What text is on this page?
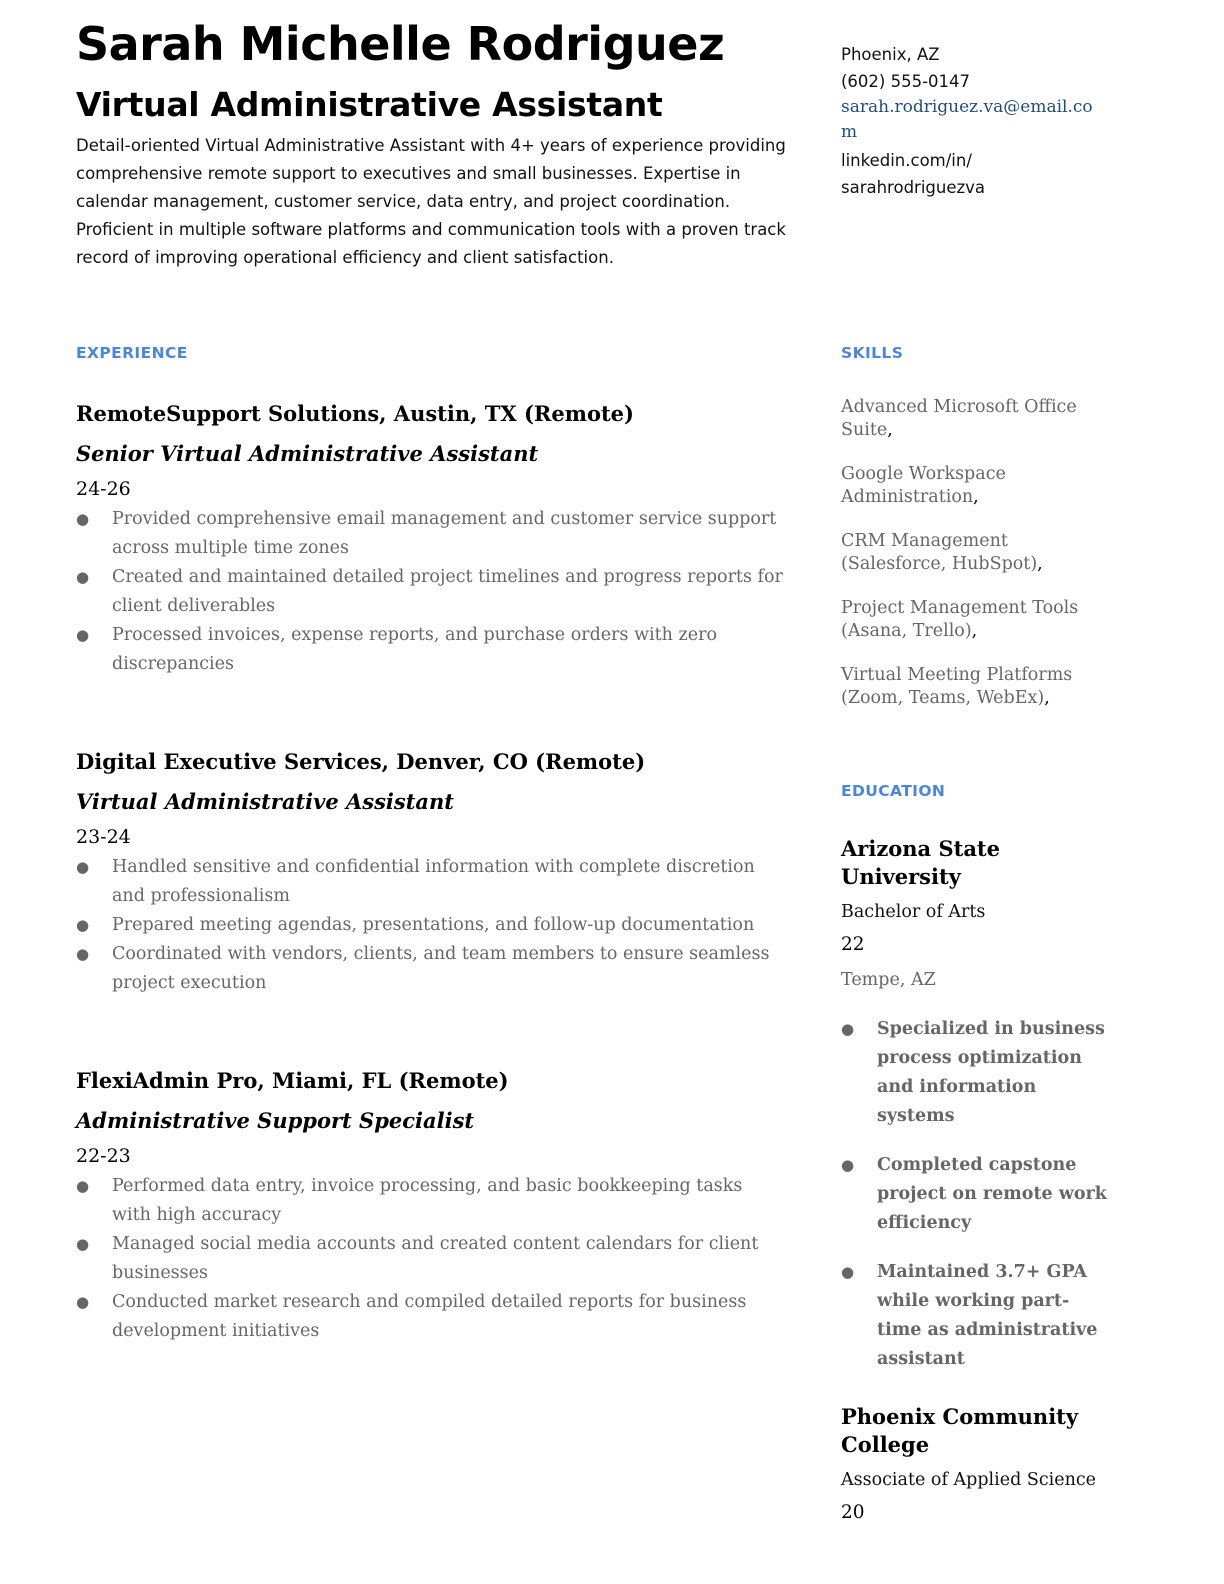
Sarah Michelle Rodriguez
Virtual Administrative Assistant

Detail-oriented Virtual Administrative Assistant with 4+ years of experience providing comprehensive remote support to executives and small businesses. Expertise in calendar management, customer service, data entry, and project coordination. Proficient in multiple software platforms and communication tools with a proven track record of improving operational efficiency and client satisfaction.

Phoenix, AZ
(602) 555-0147
sarah.rodriguez.va@email.com
linkedin.com/in/ sarahrodriguezva
EXPERIENCE	SKILLS
EDUCATION

RemoteSupport Solutions, Austin, TX (Remote)

Senior Virtual Administrative Assistant

24-26

● Provided comprehensive email management and customer service support across multiple time zones
● Created and maintained detailed project timelines and progress reports for client deliverables
● Processed invoices, expense reports, and purchase orders with zero discrepancies

Digital Executive Services, Denver, CO (Remote)

Virtual Administrative Assistant

23-24

● Handled sensitive and confidential information with complete discretion and professionalism
● Prepared meeting agendas, presentations, and follow-up documentation
● Coordinated with vendors, clients, and team members to ensure seamless project execution

FlexiAdmin Pro, Miami, FL (Remote)

Administrative Support Specialist

22-23

● Performed data entry, invoice processing, and basic bookkeeping tasks with high accuracy
● Managed social media accounts and created content calendars for client businesses
● Conducted market research and compiled detailed reports for business development initiatives
Advanced Microsoft Office Suite,
Google Workspace Administration,
CRM Management (Salesforce, HubSpot),
Project Management Tools (Asana, Trello),
Virtual Meeting Platforms (Zoom, Teams, WebEx),

Arizona State University

Bachelor of Arts

22

Tempe, AZ

● Specialized in business process optimization and information systems
● Completed capstone project on remote work efficiency
● Maintained 3.7+ GPA while working part-time as administrative assistant

Phoenix Community College

Associate of Applied Science

20
